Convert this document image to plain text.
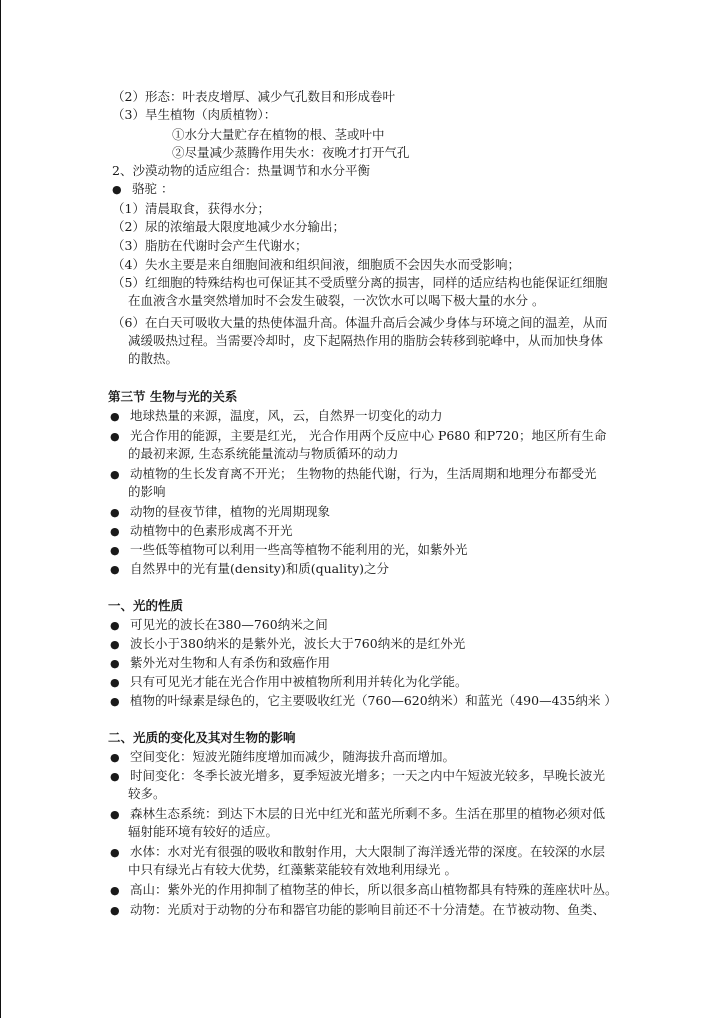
（2）形态：叶表皮增厚、减少气孔数目和形成卷叶
（3）旱生植物（肉质植物）：
①水分大量贮存在植物的根、茎或叶中
②尽量减少蒸腾作用失水：夜晚才打开气孔
2、沙漠动物的适应组合：热量调节和水分平衡
● 骆驼 ：
（1）清晨取食，获得水分；
（2）尿的浓缩最大限度地减少水分输出；
（3）脂肪在代谢时会产生代谢水；
（4）失水主要是来自细胞间液和组织间液，细胞质不会因失水而受影响；
（5）红细胞的特殊结构也可保证其不受质壁分离的损害，同样的适应结构也能保证红细胞
在血液含水量突然增加时不会发生破裂，一次饮水可以喝下极大量的水分 。
（6）在白天可吸收大量的热使体温升高。体温升高后会减少身体与环境之间的温差，从而
减缓吸热过程。当需要冷却时，皮下起隔热作用的脂肪会转移到驼峰中，从而加快身体
的散热。
第三节 生物与光的关系
● 地球热量的来源，温度，风，云，自然界一切变化的动力
● 光合作用的能源，主要是红光， 光合作用两个反应中心 P680 和P720；地区所有生命
的最初来源, 生态系统能量流动与物质循环的动力
● 动植物的生长发育离不开光； 生物物的热能代谢，行为，生活周期和地理分布都受光
的影响
● 动物的昼夜节律，植物的光周期现象
● 动植物中的色素形成离不开光
● 一些低等植物可以利用一些高等植物不能利用的光，如紫外光
● 自然界中的光有量(density)和质(quality)之分
一、光的性质
● 可见光的波长在380—760纳米之间
● 波长小于380纳米的是紫外光，波长大于760纳米的是红外光
● 紫外光对生物和人有杀伤和致癌作用
● 只有可见光才能在光合作用中被植物所利用并转化为化学能。
● 植物的叶绿素是绿色的，它主要吸收红光（760—620纳米）和蓝光（490—435纳米 ）
二、光质的变化及其对生物的影响
● 空间变化：短波光随纬度增加而减少，随海拔升高而增加。
● 时间变化：冬季长波光增多，夏季短波光增多；一天之内中午短波光较多，早晚长波光
较多。
● 森林生态系统：到达下木层的日光中红光和蓝光所剩不多。生活在那里的植物必须对低
辐射能环境有较好的适应。
● 水体：水对光有很强的吸收和散射作用，大大限制了海洋透光带的深度。在较深的水层
中只有绿光占有较大优势，红藻紫菜能较有效地利用绿光 。
● 高山：紫外光的作用抑制了植物茎的伸长，所以很多高山植物都具有特殊的莲座状叶丛。
● 动物：光质对于动物的分布和器官功能的影响目前还不十分清楚。在节被动物、鱼类、
